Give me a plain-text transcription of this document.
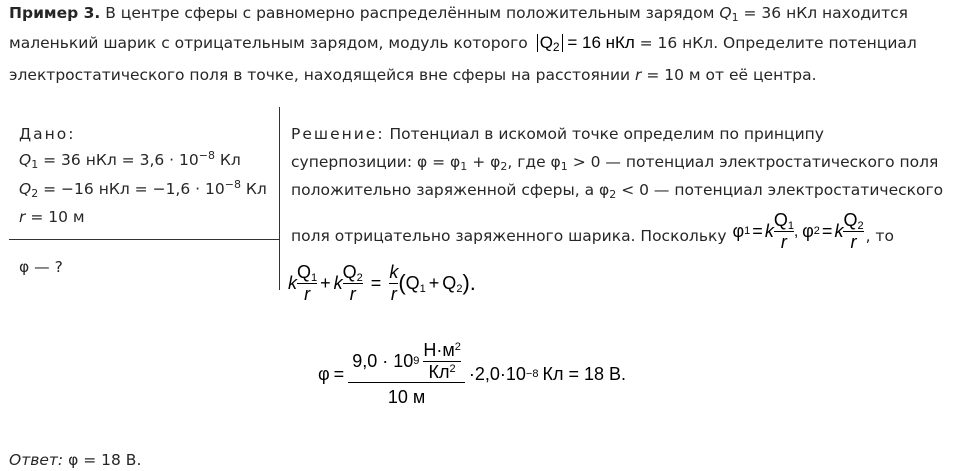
Пример 3. В центре сферы с равномерно распределённым положительным зарядом $Q_1 = 36$ нКл находится
маленький шарик с отрицательным зарядом, модуль которого $Q_2 = 16$ нКл = 16 нКл. Определите потенциал
электростатического поля в точке, находящейся вне сферы на расстоянии r = 10 м от её центра.
Дано:
$Q_1 = 36$ нКл = $3,6 \cdot 10^{-8}$ Кл
$Q_2 = -16$ нКл = $-1,6 \cdot 10^{-8}$ Кл
r = 10 м
φ — ?
Решение: Потенциал в искомой точке определим по принципу
суперпозиции: $\varphi = \varphi_1 + \varphi_2$, где $\varphi_1 > 0$ — потенциал электростатического поля
положительно заряженной сферы, а $\varphi_2 < 0$ — потенциал электростатического
поля отрицательно заряженного шарика. Поскольку φ 1 = k $\frac{Q_1}{r}$ , φ 2 = k $\frac{Q_2}{r}$ , то
k $\frac{Q_1}{r} + k \frac{Q_2}{r} = \frac{k}{r}$ ( $Q_1 + Q_2$ ).
$\varphi = \frac{9,0 \cdot 10 9 \frac{Н\cdot м^2}{Кл^2}}{10 м} \cdot 2,0\cdot 10 -8$ Кл = 18 В.
Ответ: φ = 18 В.
